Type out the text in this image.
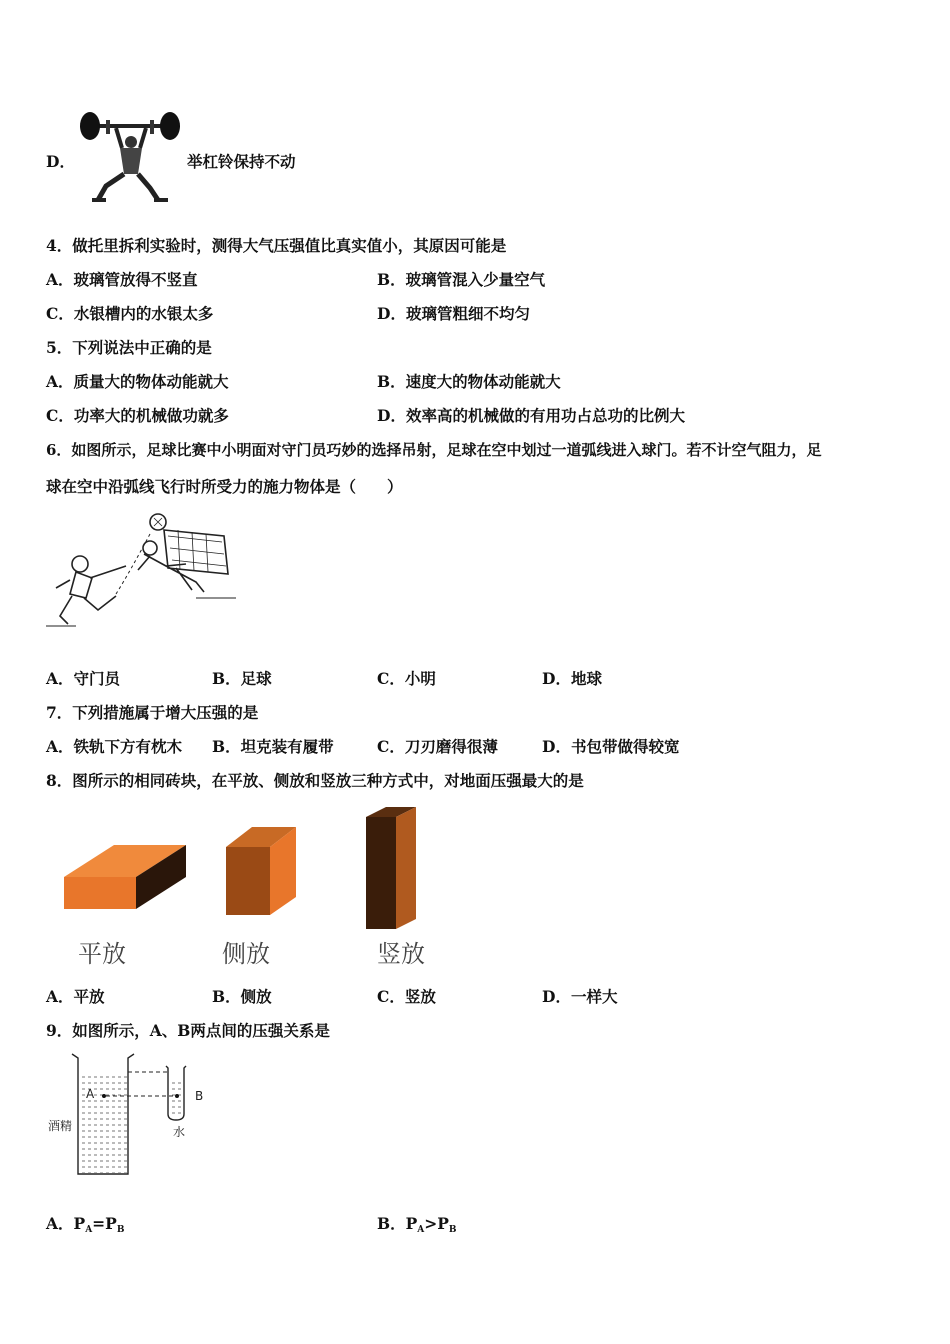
D．	举杠铃保持不动
4．做托里拆利实验时，测得大气压强值比真实值小，其原因可能是
A．玻璃管放得不竖直	B．玻璃管混入少量空气
C．水银槽内的水银太多	D．玻璃管粗细不均匀
5．下列说法中正确的是
A．质量大的物体动能就大	B．速度大的物体动能就大
C．功率大的机械做功就多	D．效率高的机械做的有用功占总功的比例大
6．如图所示，足球比赛中小明面对守门员巧妙的选择吊射，足球在空中划过一道弧线进入球门。若不计空气阻力，足
球在空中沿弧线飞行时所受力的施力物体是（　　）
A．守门员	B．足球	C．小明	D．地球
7．下列措施属于增大压强的是
A．铁轨下方有枕木 B．坦克装有履带	C．刀刃磨得很薄	D．书包带做得较宽
8．图所示的相同砖块，在平放、侧放和竖放三种方式中，对地面压强最大的是
平放	侧放	竖放
A．平放	B．侧放	C．竖放	D．一样大
9．如图所示，A、B两点间的压强关系是
A	B
酒精	水
A．$P_A=P_B$	B．$P_A>P_B$
